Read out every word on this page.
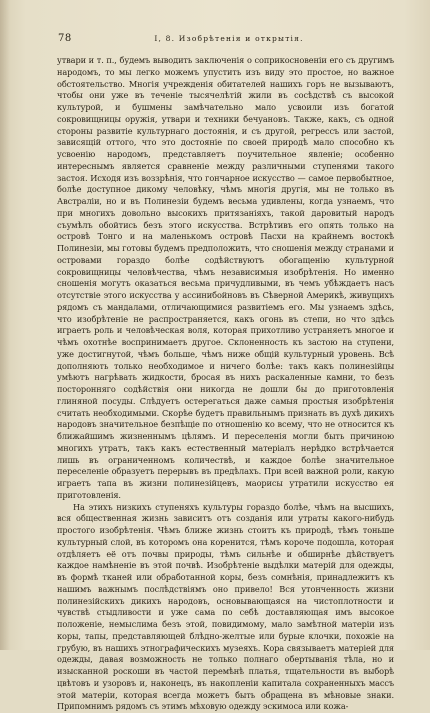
78	I, 8. Изобрѣтенія и открытія.

утвари и т. п., будемъ выводить заключенія о соприкосновеніи его съ другимъ народомъ, то мы легко можемъ упустить изъ виду это простое, но важное обстоятельство. Многія учрежденія обитателей нашихъ горъ не вызываютъ, чтобы они уже въ теченіе тысячелѣтій жили въ сосѣдствѣ съ высокой культурой, и бушмены замѣчательно мало усвоили изъ богатой сокровищницы оружія, утвари и техники бечуановъ. Также, какъ, съ одной стороны развитіе культурнаго достоянія, и съ другой, регрессъ или застой, зависящій оттого, что это достояніе по своей природѣ мало способно къ усвоенію народомъ, представляетъ поучительное явленіе; особенно интереснымъ является сравненіе между различными ступенями такого застоя. Исходя изъ воззрѣнія, что гончарное искусство — самое первобытное, болѣе доступное дикому человѣку, чѣмъ многія другія, мы не только въ Австраліи, но и въ Полинезіи будемъ весьма удивлены, когда узнаемъ, что при многихъ довольно высокихъ притязаніяхъ, такой даровитый народъ съумѣлъ обойтись безъ этого искусства. Встрѣтивъ его опять только на островѣ Тонго и на маленькомъ островѣ Пасхи на крайнемъ востокѣ Полинезіи, мы готовы будемъ предположить, что сношенія между странами и островами гораздо болѣе содѣйствуютъ обогащенію культурной сокровищницы человѣчества, чѣмъ независимыя изобрѣтенія. Но именно сношенія могутъ оказаться весьма причудливыми, въ чемъ убѣждаетъ насъ отсутствіе этого искусства у ассинибойновъ въ Сѣверной Америкѣ, живущихъ рядомъ съ мандалами, отличающимися развитіемъ его. Мы узнаемъ здѣсь, что изобрѣтеніе не распространяется, какъ огонь въ степи, но что здѣсь играетъ роль и человѣческая воля, которая прихотливо устраняетъ многое и чѣмъ охотнѣе воспринимаетъ другое. Склоненность къ застою на ступени, уже достигнутой, чѣмъ больше, чѣмъ ниже общій культурный уровень. Всѣ дополняють только необходимое и ничего болѣе: такъ какъ полинезійцы умѣютъ нагрѣвать жидкости, бросая въ нихъ раскаленные камни, то безъ посторонняго содѣйствія они никогда не дошли бы до приготовленія глиняной посуды. Слѣдуетъ остерегаться даже самыя простыя изобрѣтенія считать необходимыми. Скорѣе будетъ правильнымъ признать въ духѣ дикихъ народовъ значительное безпѣщіе по отношенію ко всему, что не относится къ ближайшимъ жизненнымъ цѣлямъ. И переселенія могли быть причиною многихъ утратъ, такъ какъ естественный матеріалъ нерѣдко встрѣчается лишь въ ограниченномъ количествѣ, и каждое болѣе значительное переселеніе образуетъ перерывъ въ предѣлахъ. При всей важной роли, какую играетъ тапа въ жизни полинезійцевъ, маорисы утратили искусство ея приготовленія.

На этихъ низкихъ ступеняхъ культуры гораздо болѣе, чѣмъ на высшихъ, вся общественная жизнь зависитъ отъ созданія или утраты какого-нибудь простого изобрѣтенія. Чѣмъ ближе жизнь стоитъ къ природѣ, тѣмъ тоньше культурный слой, въ которомъ она коренится, тѣмъ короче подошла, которая отдѣляетъ её отъ почвы природы, тѣмъ сильнѣе и обширнѣе дѣйствуетъ каждое намѣненіе въ этой почвѣ. Изобрѣтеніе выдѣлки матерій для одежды, въ формѣ тканей или обработанной коры, безъ сомнѣнія, принадлежитъ къ нашимъ важнымъ послѣдствіямъ оно привело! Вся утонченность жизни полинезійскихъ дикихъ народовъ, основывающаяся на чистоплотности и чувствѣ стыдливости и уже сама по себѣ доставляющая имъ высокое положеніе, немыслима безъ этой, повидимому, мало замѣтной матеріи изъ коры, тапы, представляющей блѣдно-желтые или бурые клочки, похожіе на грубую, въ нашихъ этнографическихъ музеяхъ. Кора связываетъ матеріей для одежды, давая возможность не только полнаго обертыванія тѣла, но и изысканной роскоши въ частой перемѣнѣ платья, тщательности въ выборѣ цвѣтовъ и узоровъ и, наконецъ, въ накопленіи капитала сохраненныхъ массъ этой матеріи, которая всегда можетъ быть обращена въ мѣновые знаки. Припомнимъ рядомъ съ этимъ мѣховую одежду эскимоса или кожа-
